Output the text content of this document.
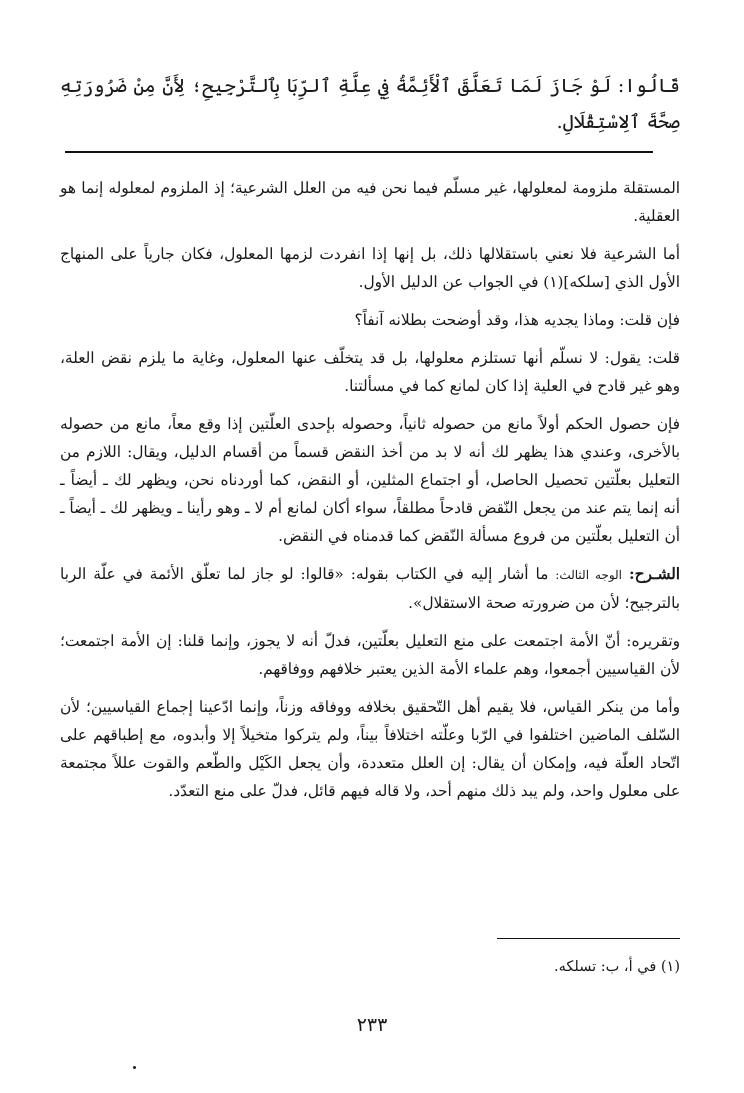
قَالُوا: لَوْ جَازَ لَمَا تَعَلَّقَ ٱلْأَئِمَّةُ فِي عِلَّةِ ٱلرِّبَا بِٱلتَّرْجِيحِ؛ لِأَنَّ مِنْ ضَرُورَتِهِ صِحَّةَ ٱلِاسْتِقْلَالِ.

المستقلة ملزومة لمعلولها، غير مسلّم فيما نحن فيه من العلل الشرعية؛ إذ الملزوم لمعلوله إنما هو العقلية.

أما الشرعية فلا نعني باستقلالها ذلك، بل إنها إذا انفردت لزمها المعلول، فكان جارياً على المنهاج الأول الذي [سلكه](١) في الجواب عن الدليل الأول.

فإن قلت: وماذا يجديه هذا، وقد أوضحت بطلانه آنفاً؟

قلت: يقول: لا نسلّم أنها تستلزم معلولها، بل قد يتخلّف عنها المعلول، وغاية ما يلزم نقض العلة، وهو غير قادح في العلية إذا كان لمانع كما في مسألتنا.

فإن حصول الحكم أولاً مانع من حصوله ثانياً، وحصوله بإحدى العلّتين إذا وقع معاً، مانع من حصوله بالأخرى، وعندي هذا يظهر لك أنه لا بد من أخذ النقض قسماً من أقسام الدليل، ويقال: اللازم من التعليل بعلّتين تحصيل الحاصل، أو اجتماع المثلين، أو النقض، كما أوردناه نحن، ويظهر لك ـ أيضاً ـ أنه إنما يتم عند من يجعل النّقض قادحاً مطلقاً، سواء أكان لمانع أم لا ـ وهو رأينا ـ ويظهر لك ـ أيضاً ـ أن التعليل بعلّتين من فروع مسألة النّقض كما قدمناه في النقض.

الشـرح: الوجه الثالث: ما أشار إليه في الكتاب بقوله: «قالوا: لو جاز لما تعلّق الأئمة في علّة الربا بالترجيح؛ لأن من ضرورته صحة الاستقلال».

وتقريره: أنّ الأمة اجتمعت على منع التعليل بعلّتين، فدلّ أنه لا يجوز، وإنما قلنا: إن الأمة اجتمعت؛ لأن القياسيين أجمعوا، وهم علماء الأمة الذين يعتبر خلافهم ووفاقهم.

وأما من ينكر القياس، فلا يقيم أهل التّحقيق بخلافه ووفاقه وزناً، وإنما ادّعينا إجماع القياسيين؛ لأن السّلف الماضين اختلفوا في الرّبا وعلّته اختلافاً بيناً، ولم يتركوا متخيلاً إلا وأبدوه، مع إطباقهم على اتّحاد العلّة فيه، وإمكان أن يقال: إن العلل متعددة، وأن يجعل الكَيْل والطّعم والقوت عللاً مجتمعة على معلول واحد، ولم يبد ذلك منهم أحد، ولا قاله فيهم قائل، فدلّ على منع التعدّد.

(١) في أ، ب: تسلكه.
٢٣٣
